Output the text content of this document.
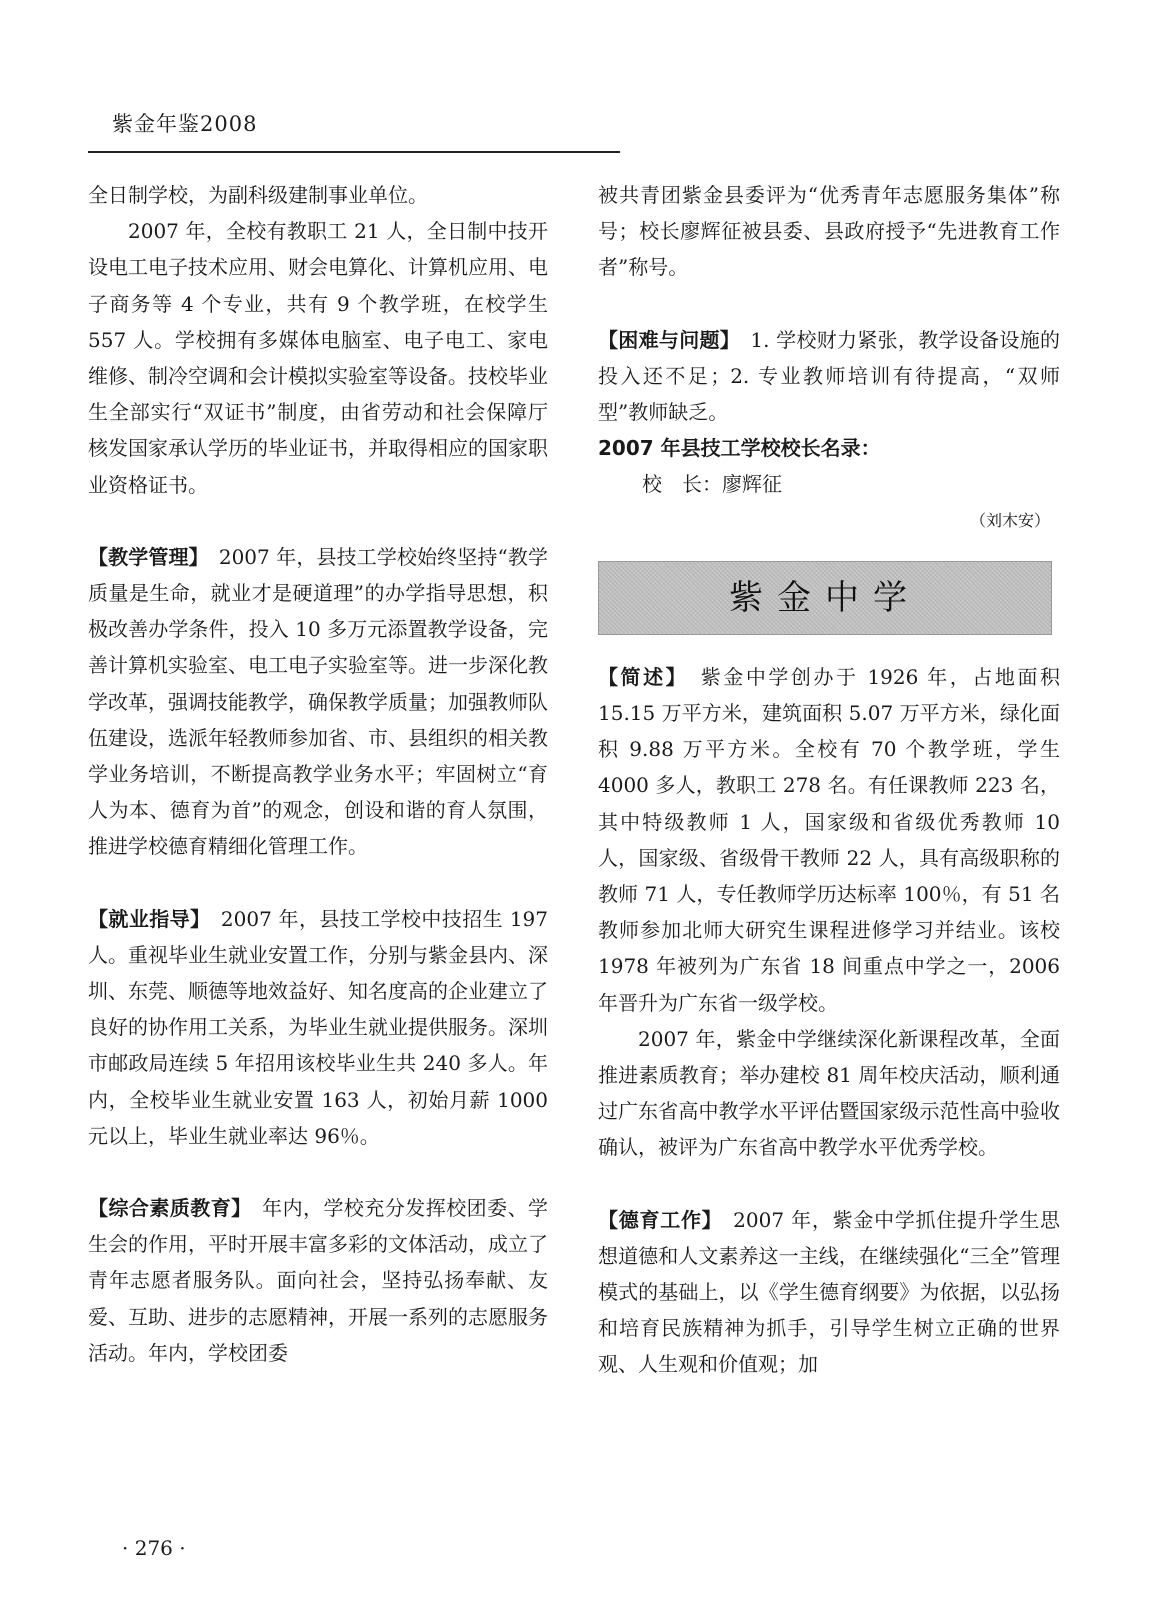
紫金年鉴2008

全日制学校，为副科级建制事业单位。

2007 年，全校有教职工 21 人，全日制中技开设电工电子技术应用、财会电算化、计算机应用、电子商务等 4 个专业，共有 9 个教学班，在校学生 557 人。学校拥有多媒体电脑室、电子电工、家电维修、制冷空调和会计模拟实验室等设备。技校毕业生全部实行“双证书”制度，由省劳动和社会保障厅核发国家承认学历的毕业证书，并取得相应的国家职业资格证书。

【教学管理】　 2007 年，县技工学校始终坚持“教学质量是生命，就业才是硬道理”的办学指导思想，积极改善办学条件，投入 10 多万元添置教学设备，完善计算机实验室、电工电子实验室等。进一步深化教学改革，强调技能教学，确保教学质量；加强教师队伍建设，选派年轻教师参加省、市、县组织的相关教学业务培训，不断提高教学业务水平；牢固树立“育人为本、德育为首”的观念，创设和谐的育人氛围，推进学校德育精细化管理工作。

【就业指导】　 2007 年，县技工学校中技招生 197 人。重视毕业生就业安置工作，分别与紫金县内、深圳、东莞、顺德等地效益好、知名度高的企业建立了良好的协作用工关系，为毕业生就业提供服务。深圳市邮政局连续 5 年招用该校毕业生共 240 多人。年内，全校毕业生就业安置 163 人，初始月薪 1000 元以上，毕业生就业率达 96％。

【综合素质教育】　 年内，学校充分发挥校团委、学生会的作用，平时开展丰富多彩的文体活动，成立了青年志愿者服务队。面向社会，坚持弘扬奉献、友爱、互助、进步的志愿精神，开展一系列的志愿服务活动。年内，学校团委

被共青团紫金县委评为“优秀青年志愿服务集体”称号；校长廖辉征被县委、县政府授予“先进教育工作者”称号。

【困难与问题】　 1. 学校财力紧张，教学设备设施的投入还不足；2. 专业教师培训有待提高，“双师型”教师缺乏。

2007 年县技工学校校长名录：

校　长：廖辉征

（刘木安）

紫金中学

【简述】　 紫金中学创办于 1926 年，占地面积 15.15 万平方米，建筑面积 5.07 万平方米，绿化面积 9.88 万平方米。全校有 70 个教学班，学生 4000 多人，教职工 278 名。有任课教师 223 名，其中特级教师 1 人，国家级和省级优秀教师 10 人，国家级、省级骨干教师 22 人，具有高级职称的教师 71 人，专任教师学历达标率 100％，有 51 名教师参加北师大研究生课程进修学习并结业。该校 1978 年被列为广东省 18 间重点中学之一，2006 年晋升为广东省一级学校。

2007 年，紫金中学继续深化新课程改革，全面推进素质教育；举办建校 81 周年校庆活动，顺利通过广东省高中教学水平评估暨国家级示范性高中验收确认，被评为广东省高中教学水平优秀学校。

【德育工作】　 2007 年，紫金中学抓住提升学生思想道德和人文素养这一主线，在继续强化“三全”管理模式的基础上，以《学生德育纲要》为依据，以弘扬和培育民族精神为抓手，引导学生树立正确的世界观、人生观和价值观；加

· 276 ·
